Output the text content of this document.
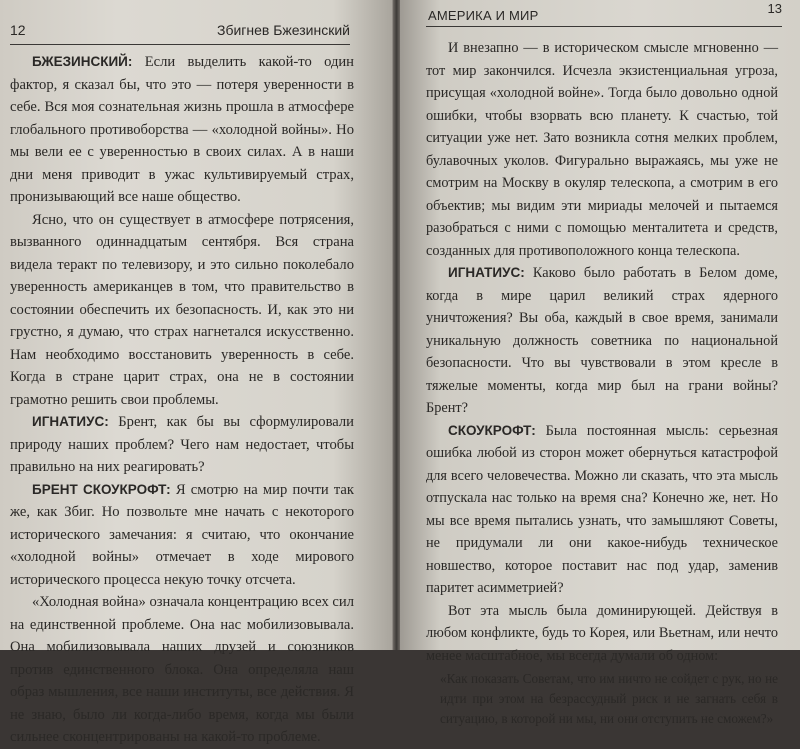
12	Збигнев Бжезинский

БЖЕЗИНСКИЙ: Если выделить какой-то один фактор, я сказал бы, что это — потеря уверенности в себе. Вся моя сознательная жизнь прошла в атмосфере глобального противоборства — «холодной войны». Но мы вели ее с уверенностью в своих силах. А в наши дни меня приводит в ужас культивируемый страх, пронизывающий все наше общество.

Ясно, что он существует в атмосфере потрясения, вызванного одиннадцатым сентября. Вся страна видела теракт по телевизору, и это сильно поколебало уверенность американцев в том, что правительство в состоянии обеспечить их безопасность. И, как это ни грустно, я думаю, что страх нагнетался искусственно. Нам необходимо восстановить уверенность в себе. Когда в стране царит страх, она не в состоянии грамотно решить свои проблемы.

ИГНАТИУС: Брент, как бы вы сформулировали природу наших проблем? Чего нам недостает, чтобы правильно на них реагировать?

БРЕНТ СКОУКРОФТ: Я смотрю на мир почти так же, как Збиг. Но позвольте мне начать с некоторого исторического замечания: я считаю, что окончание «холодной войны» отмечает в ходе мирового исторического процесса некую точку отсчета.

«Холодная война» означала концентрацию всех сил на единственной проблеме. Она нас мобилизовывала. Она мобилизовывала наших друзей и союзников против единственного блока. Она определяла наш образ мышления, все наши институты, все действия. Я не знаю, было ли когда-либо время, когда мы были сильнее сконцентрированы на какой-то проблеме.

АМЕРИКА И МИР	13

И внезапно — в историческом смысле мгновенно — тот мир закончился. Исчезла экзистенциальная угроза, присущая «холодной войне». Тогда было довольно одной ошибки, чтобы взорвать всю планету. К счастью, той ситуации уже нет. Зато возникла сотня мелких проблем, булавочных уколов. Фигурально выражаясь, мы уже не смотрим на Москву в окуляр телескопа, а смотрим в его объектив; мы видим эти мириады мелочей и пытаемся разобраться с ними с помощью менталитета и средств, созданных для противоположного конца телескопа.

ИГНАТИУС: Каково было работать в Белом доме, когда в мире царил великий страх ядерного уничтожения? Вы оба, каждый в свое время, занимали уникальную должность советника по национальной безопасности. Что вы чувствовали в этом кресле в тяжелые моменты, когда мир был на грани войны? Брент?

СКОУКРОФТ: Была постоянная мысль: серьезная ошибка любой из сторон может обернуться катастрофой для всего человечества. Можно ли сказать, что эта мысль отпускала нас только на время сна? Конечно же, нет. Но мы все время пытались узнать, что замышляют Советы, не придумали ли они какое-нибудь техническое новшество, которое поставит нас под удар, заменив паритет асимметрией?

Вот эта мысль была доминирующей. Действуя в любом конфликте, будь то Корея, или Вьетнам, или нечто менее масштабное, мы всегда думали об одном:

«Как показать Советам, что им ничто не сойдет с рук, но не идти при этом на безрассудный риск и не загнать себя в ситуацию, в которой ни мы, ни они отступить не сможем?»
